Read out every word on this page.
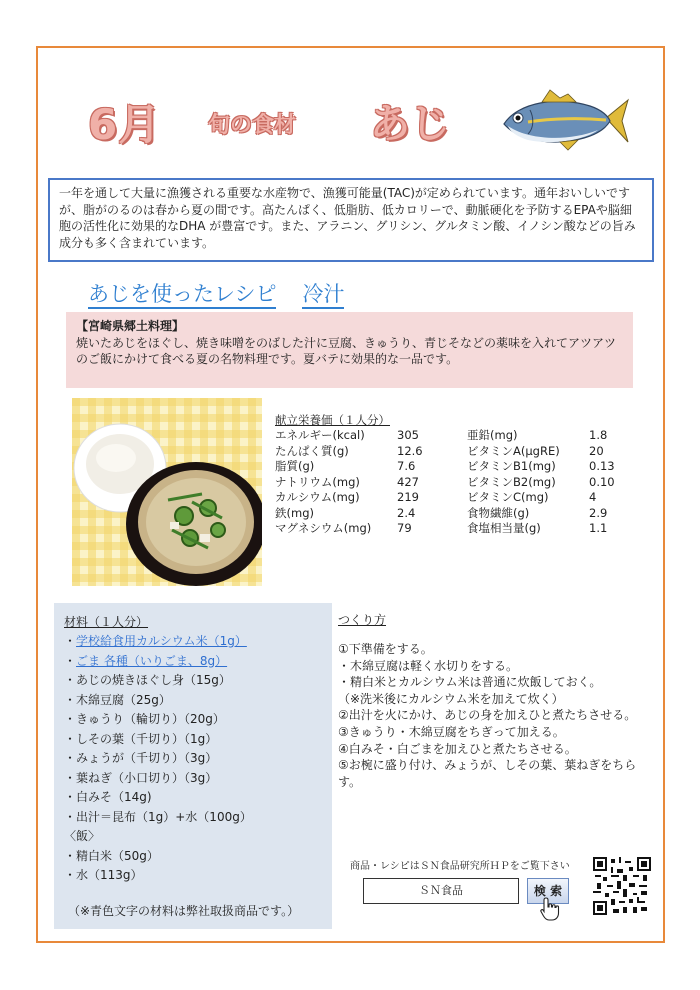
6月 旬の食材 あじ
一年を通して大量に漁獲される重要な水産物で、漁獲可能量(TAC)が定められています。通年おいしいですが、脂がのるのは春から夏の間です。高たんぱく、低脂肪、低カロリーで、動脈硬化を予防するEPAや脳細胞の活性化に効果的なDHA が豊富です。また、アラニン、グリシン、グルタミン酸、イノシン酸などの旨み成分も多く含まれています。
あじを使ったレシピ 冷汁
【宮崎県郷土料理】
焼いたあじをほぐし、焼き味噌をのばした汁に豆腐、きゅうり、青じそなどの薬味を入れてアツアツのご飯にかけて食べる夏の名物料理です。夏バテに効果的な一品です。
献立栄養価（１人分）
エネルギー(kcal)	305	亜鉛(mg)	1.8
たんぱく質(g)	12.6	ビタミンA(μgRE)	20
脂質(g)	7.6	ビタミンB1(mg)	0.13
ナトリウム(mg)	427	ビタミンB2(mg)	0.10
カルシウム(mg)	219	ビタミンC(mg)	4
鉄(mg)	2.4	食物繊維(g)	2.9
マグネシウム(mg) 79	食塩相当量(g)	1.1
材料（１人分）
・学校給食用カルシウム米（1g）
・ごま 各種（いりごま、8g）
・あじの焼きほぐし身（15g）
・木綿豆腐（25g）
・きゅうり（輪切り）（20g）
・しその葉（千切り）（1g）
・みょうが（千切り）（3g）
・葉ねぎ（小口切り）（3g）
・白みそ（14g)
・出汁＝昆布（1g）+水（100g）
〈飯〉
・精白米（50g）
・水（113g）
（※青色文字の材料は弊社取扱商品です。）
つくり方
①下準備をする。
・木綿豆腐は軽く水切りをする。
・精白米とカルシウム米は普通に炊飯しておく。
（※洗米後にカルシウム米を加えて炊く）
②出汁を火にかけ、あじの身を加えひと煮たちさせる。
③きゅうり・木綿豆腐をちぎって加える。
④白みそ・白ごまを加えひと煮たちさせる。
⑤お椀に盛り付け、みょうが、しその葉、葉ねぎをちらす。
商品・レシピはＳＮ食品研究所ＨＰをご覧下さい
ＳＮ食品	検 索
